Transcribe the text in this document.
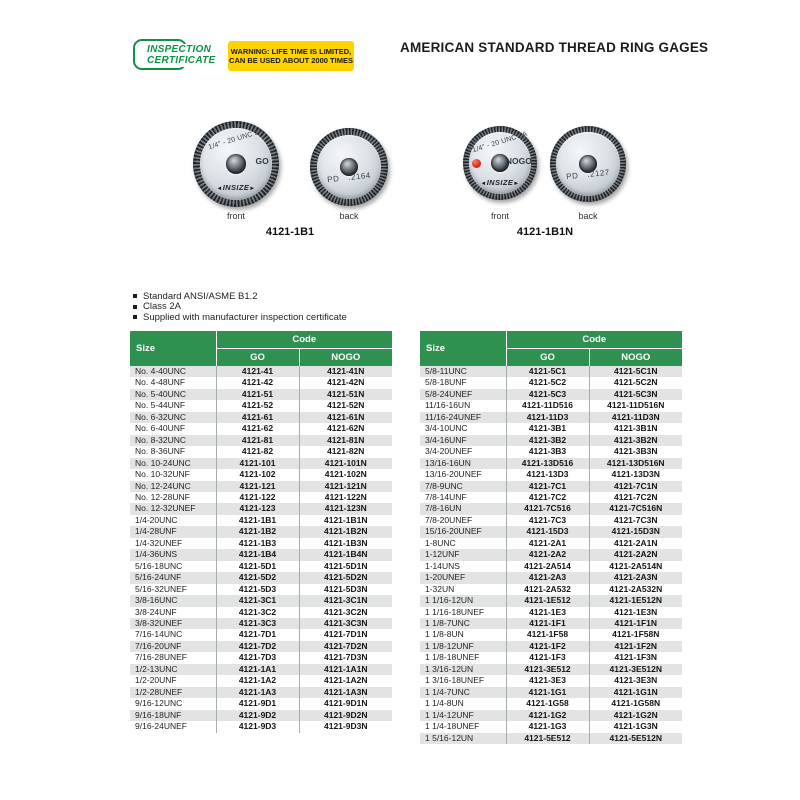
INSPECTION
CERTIFICATE
WARNING: LIFE TIME IS LIMITED,
CAN BE USED ABOUT 2000 TIMES
AMERICAN STANDARD THREAD RING GAGES
1/4" - 20 UNC 2A
GO
◄INSIZE►
PD .2164
front	back
4121-1B1
1/4" - 20 UNC 2A
NOGO
◄INSIZE►
PD .2127
front	back
4121-1B1N
Standard ANSI/ASME B1.2
Class 2A
Supplied with manufacturer inspection certificate
Size	Code	
	GO	NOGO
No. 4-40UNC	4121-41	4121-41N
No. 4-48UNF	4121-42	4121-42N
No. 5-40UNC	4121-51	4121-51N
No. 5-44UNF	4121-52	4121-52N
No. 6-32UNC	4121-61	4121-61N
No. 6-40UNF	4121-62	4121-62N
No. 8-32UNC	4121-81	4121-81N
No. 8-36UNF	4121-82	4121-82N
No. 10-24UNC	4121-101	4121-101N
No. 10-32UNF	4121-102	4121-102N
No. 12-24UNC	4121-121	4121-121N
No. 12-28UNF	4121-122	4121-122N
No. 12-32UNEF	4121-123	4121-123N
1/4-20UNC	4121-1B1	4121-1B1N
1/4-28UNF	4121-1B2	4121-1B2N
1/4-32UNEF	4121-1B3	4121-1B3N
1/4-36UNS	4121-1B4	4121-1B4N
5/16-18UNC	4121-5D1	4121-5D1N
5/16-24UNF	4121-5D2	4121-5D2N
5/16-32UNEF	4121-5D3	4121-5D3N
3/8-16UNC	4121-3C1	4121-3C1N
3/8-24UNF	4121-3C2	4121-3C2N
3/8-32UNEF	4121-3C3	4121-3C3N
7/16-14UNC	4121-7D1	4121-7D1N
7/16-20UNF	4121-7D2	4121-7D2N
7/16-28UNEF	4121-7D3	4121-7D3N
1/2-13UNC	4121-1A1	4121-1A1N
1/2-20UNF	4121-1A2	4121-1A2N
1/2-28UNEF	4121-1A3	4121-1A3N
9/16-12UNC	4121-9D1	4121-9D1N
9/16-18UNF	4121-9D2	4121-9D2N
9/16-24UNEF	4121-9D3	4121-9D3N
Size	Code	
	GO	NOGO
5/8-11UNC	4121-5C1	4121-5C1N
5/8-18UNF	4121-5C2	4121-5C2N
5/8-24UNEF	4121-5C3	4121-5C3N
11/16-16UN	4121-11D516	4121-11D516N
11/16-24UNEF	4121-11D3	4121-11D3N
3/4-10UNC	4121-3B1	4121-3B1N
3/4-16UNF	4121-3B2	4121-3B2N
3/4-20UNEF	4121-3B3	4121-3B3N
13/16-16UN	4121-13D516	4121-13D516N
13/16-20UNEF	4121-13D3	4121-13D3N
7/8-9UNC	4121-7C1	4121-7C1N
7/8-14UNF	4121-7C2	4121-7C2N
7/8-16UN	4121-7C516	4121-7C516N
7/8-20UNEF	4121-7C3	4121-7C3N
15/16-20UNEF	4121-15D3	4121-15D3N
1-8UNC	4121-2A1	4121-2A1N
1-12UNF	4121-2A2	4121-2A2N
1-14UNS	4121-2A514	4121-2A514N
1-20UNEF	4121-2A3	4121-2A3N
1-32UN	4121-2A532	4121-2A532N
1 1/16-12UN	4121-1E512	4121-1E512N
1 1/16-18UNEF	4121-1E3	4121-1E3N
1 1/8-7UNC	4121-1F1	4121-1F1N
1 1/8-8UN	4121-1F58	4121-1F58N
1 1/8-12UNF	4121-1F2	4121-1F2N
1 1/8-18UNEF	4121-1F3	4121-1F3N
1 3/16-12UN	4121-3E512	4121-3E512N
1 3/16-18UNEF	4121-3E3	4121-3E3N
1 1/4-7UNC	4121-1G1	4121-1G1N
1 1/4-8UN	4121-1G58	4121-1G58N
1 1/4-12UNF	4121-1G2	4121-1G2N
1 1/4-18UNEF	4121-1G3	4121-1G3N
1 5/16-12UN	4121-5E512	4121-5E512N
